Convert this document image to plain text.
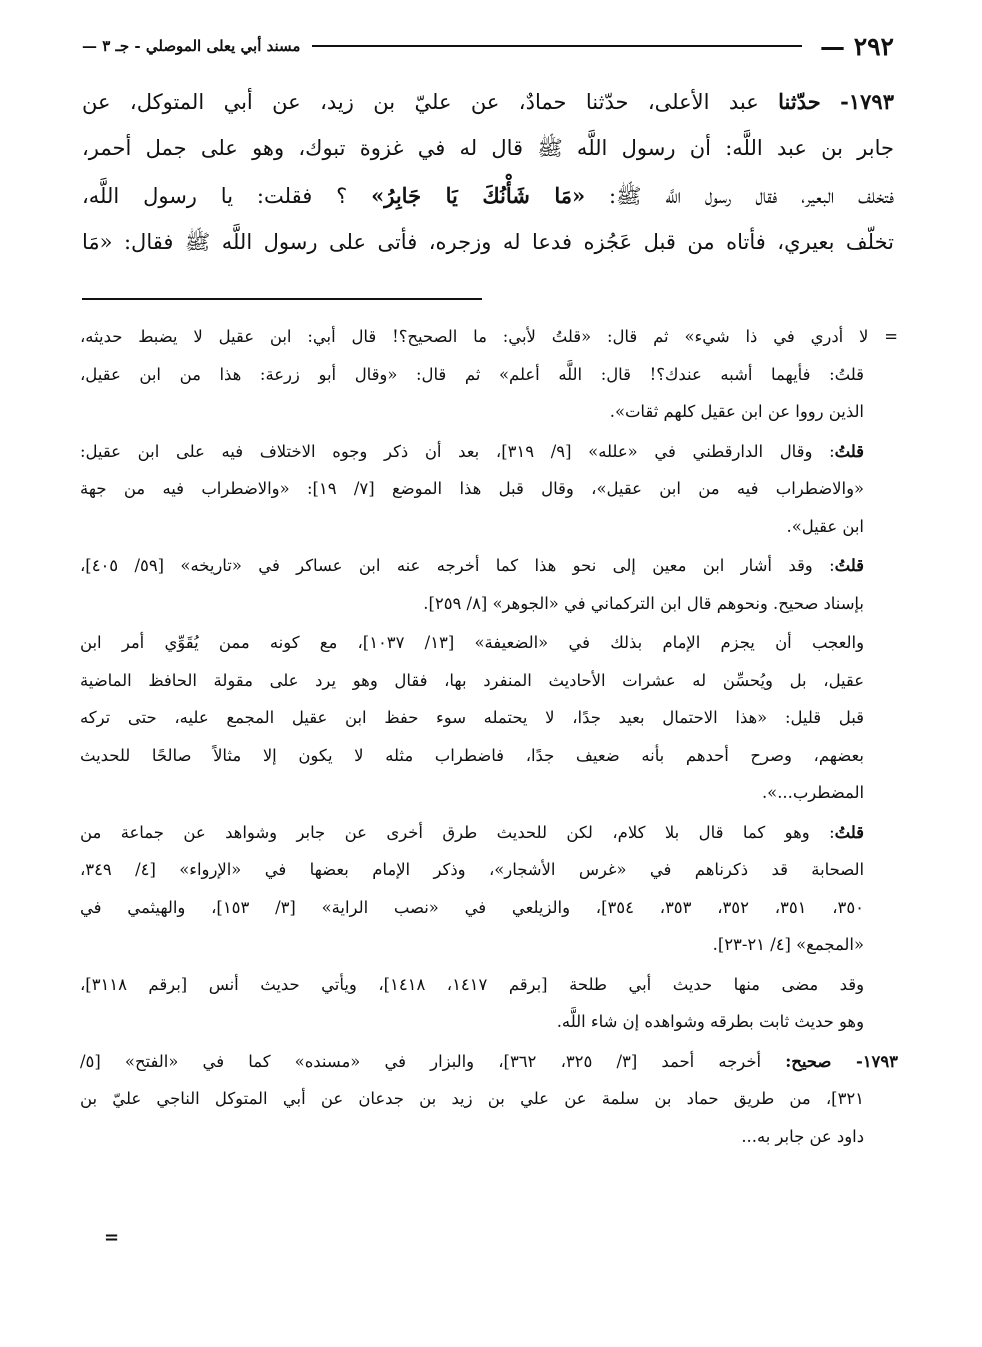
٢٩٢ —
مسند أبي يعلى الموصلي - جـ ٣ —
١٧٩٣- حدّثنا عبد الأعلى، حدّثنا حمادٌ، عن عليّ بن زيد، عن أبي المتوكل، عن
جابر بن عبد اللَّه: أن رسول اللَّه ﷺ قال له في غزوة تبوك، وهو على جمل أحمر،
فتخلف البعير، فقال رسول اللَّه ﷺ: «مَا شَأْنُكَ يَا جَابِرُ» ؟ فقلت: يا رسول اللَّه،
تخلّف بعيري، فأتاه من قبل عَجُزه فدعا له وزجره، فأتى على رسول اللَّه ﷺ فقال: «مَا
= لا أدري في ذا شيء» ثم قال: «قلتُ لأبي: ما الصحيح؟! قال أبي: ابن عقيل لا يضبط حديثه،
قلتُ: فأيهما أشبه عندك؟! قال: اللَّه أعلم» ثم قال: «وقال أبو زرعة: هذا من ابن عقيل،
الذين رووا عن ابن عقيل كلهم ثقات».
قلتُ: وقال الدارقطني في «علله» [٩/ ٣١٩]، بعد أن ذكر وجوه الاختلاف فيه على ابن عقيل:
«والاضطراب فيه من ابن عقيل»، وقال قبل هذا الموضع [٧/ ١٩]: «والاضطراب فيه من جهة
ابن عقيل».
قلتُ: وقد أشار ابن معين إلى نحو هذا كما أخرجه عنه ابن عساكر في «تاريخه» [٥٩/ ٤٠٥]،
بإسناد صحيح. ونحوهم قال ابن التركماني في «الجوهر» [٨/ ٢٥٩].
والعجب أن يجزم الإمام بذلك في «الضعيفة» [١٣/ ١٠٣٧]، مع كونه ممن يُقَوِّي أمر ابن
عقيل، بل ويُحسِّن له عشرات الأحاديث المنفرد بها، فقال وهو يرد على مقولة الحافظ الماضية
قبل قليل: «هذا الاحتمال بعيد جدًا، لا يحتمله سوء حفظ ابن عقيل المجمع عليه، حتى تركه
بعضهم، وصرح أحدهم بأنه ضعيف جدًا، فاضطراب مثله لا يكون إلا مثالاً صالحًا للحديث
المضطرب...».
قلتُ: وهو كما قال بلا كلام، لكن للحديث طرق أخرى عن جابر وشواهد عن جماعة من
الصحابة قد ذكرناهم في «غرس الأشجار»، وذكر الإمام بعضها في «الإرواء» [٤/ ٣٤٩،
٣٥٠، ٣٥١، ٣٥٢، ٣٥٣، ٣٥٤]، والزيلعي في «نصب الراية» [٣/ ١٥٣]، والهيثمي في
«المجمع» [٤/ ٢١-٢٣].
وقد مضى منها حديث أبي طلحة [برقم ١٤١٧، ١٤١٨]، ويأتي حديث أنس [برقم ٣١١٨]،
وهو حديث ثابت بطرقه وشواهده إن شاء اللَّه.
١٧٩٣- صحيح: أخرجه أحمد [٣/ ٣٢٥، ٣٦٢]، والبزار في «مسنده» كما في «الفتح» [٥/
٣٢١]، من طريق حماد بن سلمة عن علي بن زيد بن جدعان عن أبي المتوكل الناجي عليّ بن
داود عن جابر به...
=
